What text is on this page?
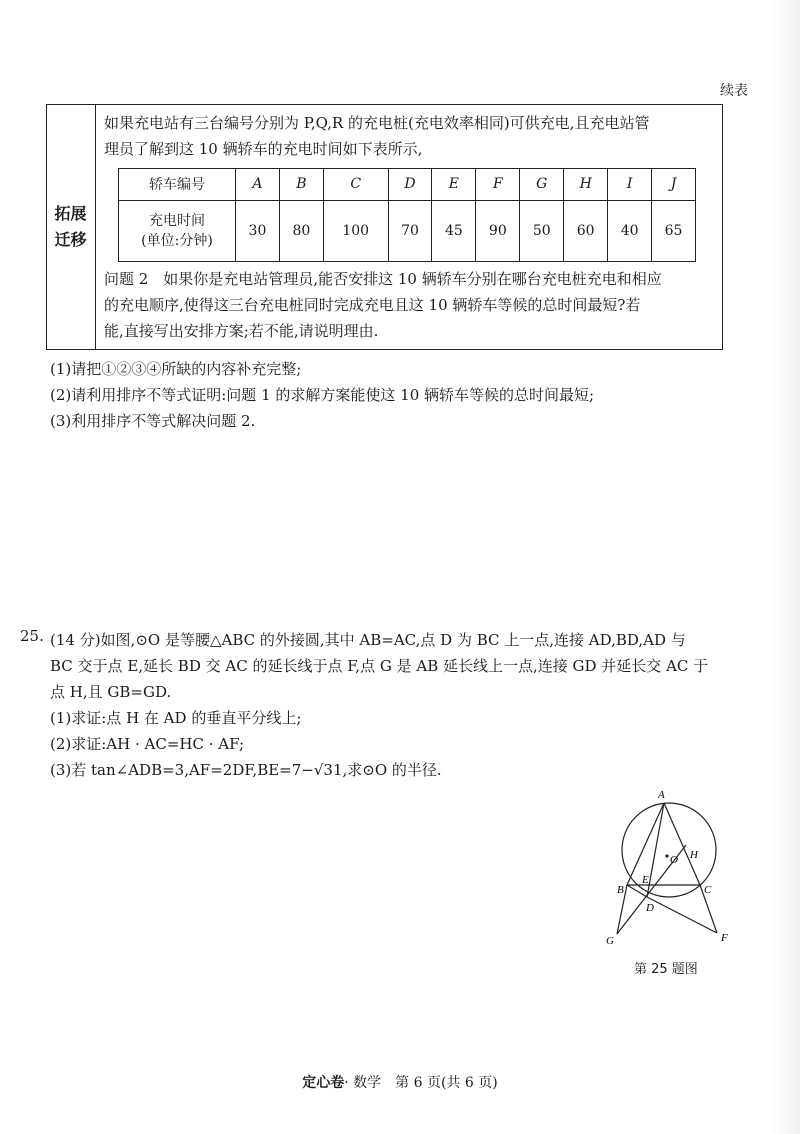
续表
拓展
迁移
如果充电站有三台编号分别为 P,Q,R 的充电桩(充电效率相同)可供充电,且充电站管
理员了解到这 10 辆轿车的充电时间如下表所示,
轿车编号	A	B	C	D	E	F	G	H	I	J

充电时间
(单位:分钟)	30	80	100	70	45	90	50	60	40	65
问题 2　如果你是充电站管理员,能否安排这 10 辆轿车分别在哪台充电桩充电和相应
的充电顺序,使得这三台充电桩同时完成充电且这 10 辆轿车等候的总时间最短?若
能,直接写出安排方案;若不能,请说明理由.
(1)请把①②③④所缺的内容补充完整;
(2)请利用排序不等式证明:问题 1 的求解方案能使这 10 辆轿车等候的总时间最短;
(3)利用排序不等式解决问题 2.
25. (14 分)如图,⊙O 是等腰△ABC 的外接圆,其中 AB=AC,点 D 为 BC 上一点,连接 AD,BD,AD 与
BC 交于点 E,延长 BD 交 AC 的延长线于点 F,点 G 是 AB 延长线上一点,连接 GD 并延长交 AC 于
点 H,且 GB=GD.
(1)求证:点 H 在 AD 的垂直平分线上;
(2)求证:AH · AC=HC · AF;
(3)若 tan∠ADB=3,AF=2DF,BE=7−√31,求⊙O 的半径.
A
O H
B
E
C
D
G	F
第 25 题图
定心卷· 数学　第 6 页(共 6 页)
